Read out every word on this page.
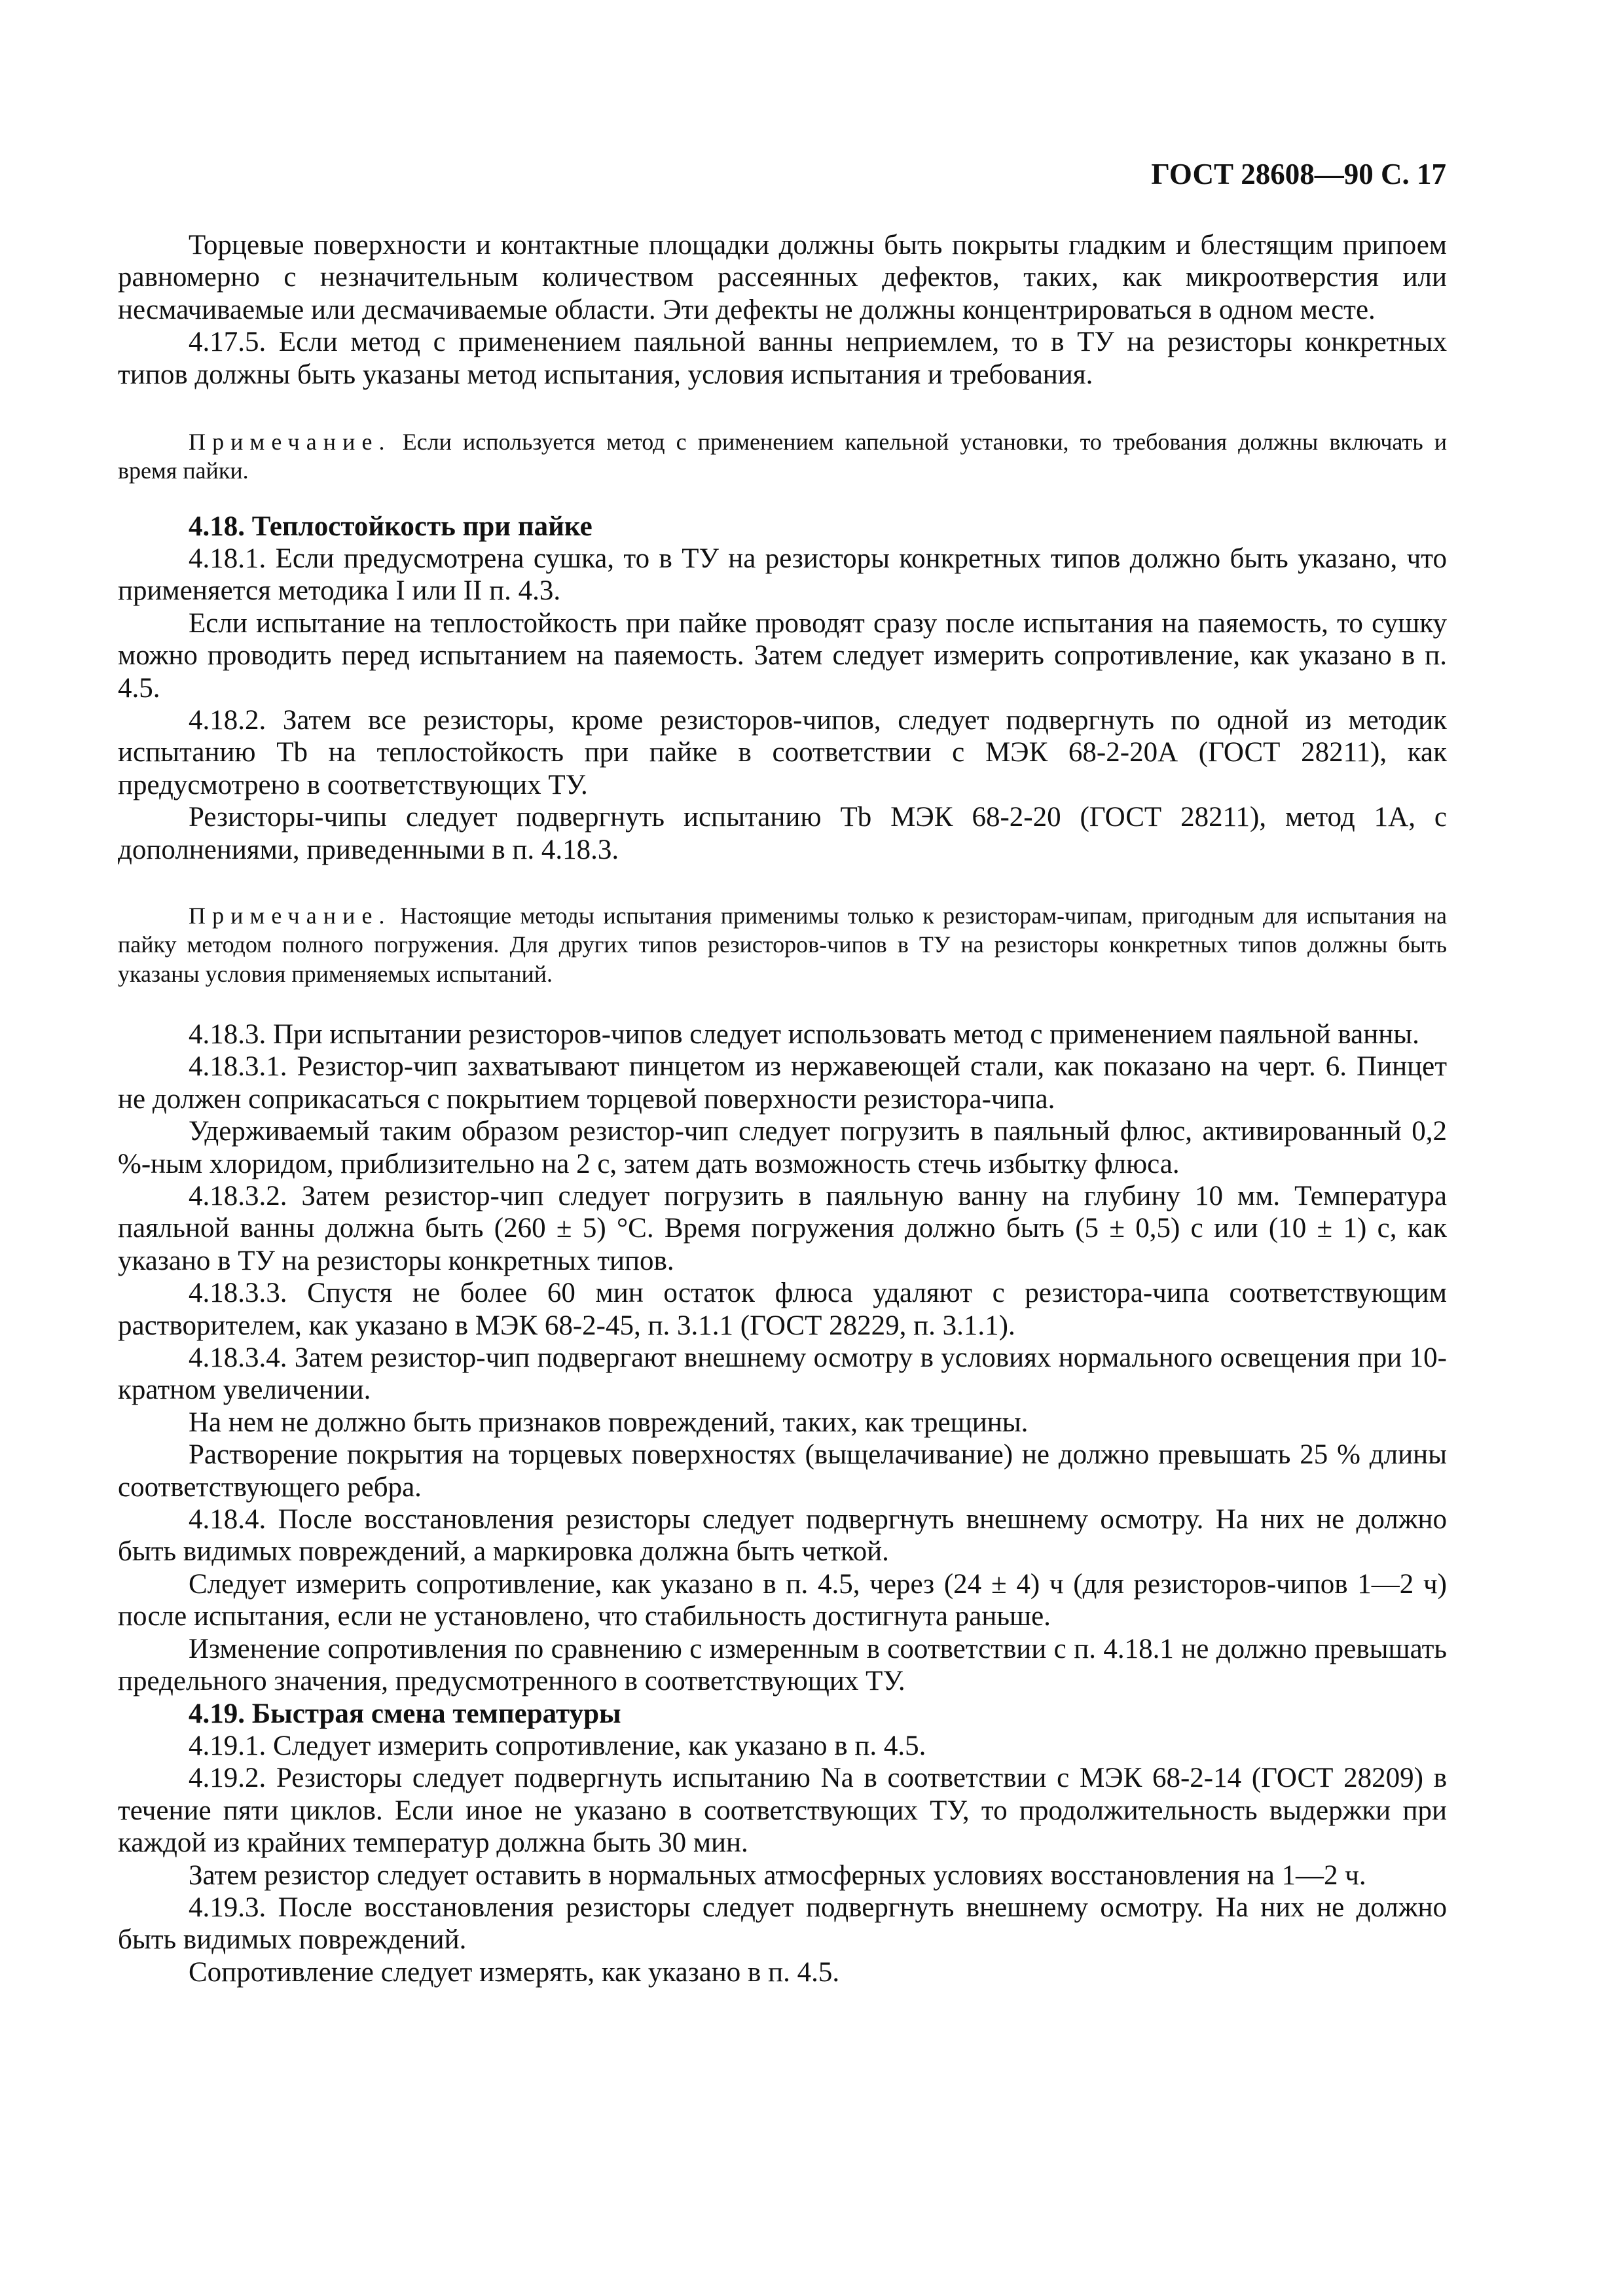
ГОСТ 28608—90 С. 17

Торцевые поверхности и контактные площадки должны быть покрыты гладким и блестящим припоем равномерно с незначительным количеством рассеянных дефектов, таких, как микроотверстия или несмачиваемые или десмачиваемые области. Эти дефекты не должны концентрироваться в одном месте.

4.17.5. Если метод с применением паяльной ванны неприемлем, то в ТУ на резисторы конкретных типов должны быть указаны метод испытания, условия испытания и требования.

Примечание. Если используется метод с применением капельной установки, то требования должны включать и время пайки.

4.18. Теплостойкость при пайке

4.18.1. Если предусмотрена сушка, то в ТУ на резисторы конкретных типов должно быть указано, что применяется методика I или II п. 4.3.

Если испытание на теплостойкость при пайке проводят сразу после испытания на паяемость, то сушку можно проводить перед испытанием на паяемость. Затем следует измерить сопротивление, как указано в п. 4.5.

4.18.2. Затем все резисторы, кроме резисторов-чипов, следует подвергнуть по одной из методик испытанию Tb на теплостойкость при пайке в соответствии с МЭК 68-2-20А (ГОСТ 28211), как предусмотрено в соответствующих ТУ.

Резисторы-чипы следует подвергнуть испытанию Tb МЭК 68-2-20 (ГОСТ 28211), метод 1А, с дополнениями, приведенными в п. 4.18.3.

Примечание. Настоящие методы испытания применимы только к резисторам-чипам, пригодным для испытания на пайку методом полного погружения. Для других типов резисторов-чипов в ТУ на резисторы конкретных типов должны быть указаны условия применяемых испытаний.

4.18.3. При испытании резисторов-чипов следует использовать метод с применением паяльной ванны.

4.18.3.1. Резистор-чип захватывают пинцетом из нержавеющей стали, как показано на черт. 6. Пинцет не должен соприкасаться с покрытием торцевой поверхности резистора-чипа.

Удерживаемый таким образом резистор-чип следует погрузить в паяльный флюс, активированный 0,2 %-ным хлоридом, приблизительно на 2 с, затем дать возможность стечь избытку флюса.

4.18.3.2. Затем резистор-чип следует погрузить в паяльную ванну на глубину 10 мм. Температура паяльной ванны должна быть (260 ± 5) °С. Время погружения должно быть (5 ± 0,5) с или (10 ± 1) с, как указано в ТУ на резисторы конкретных типов.

4.18.3.3. Спустя не более 60 мин остаток флюса удаляют с резистора-чипа соответствующим растворителем, как указано в МЭК 68-2-45, п. 3.1.1 (ГОСТ 28229, п. 3.1.1).

4.18.3.4. Затем резистор-чип подвергают внешнему осмотру в условиях нормального освещения при 10-кратном увеличении.

На нем не должно быть признаков повреждений, таких, как трещины.

Растворение покрытия на торцевых поверхностях (выщелачивание) не должно превышать 25 % длины соответствующего ребра.

4.18.4. После восстановления резисторы следует подвергнуть внешнему осмотру. На них не должно быть видимых повреждений, а маркировка должна быть четкой.

Следует измерить сопротивление, как указано в п. 4.5, через (24 ± 4) ч (для резисторов-чипов 1—2 ч) после испытания, если не установлено, что стабильность достигнута раньше.

Изменение сопротивления по сравнению с измеренным в соответствии с п. 4.18.1 не должно превышать предельного значения, предусмотренного в соответствующих ТУ.

4.19. Быстрая смена температуры

4.19.1. Следует измерить сопротивление, как указано в п. 4.5.

4.19.2. Резисторы следует подвергнуть испытанию Na в соответствии с МЭК 68-2-14 (ГОСТ 28209) в течение пяти циклов. Если иное не указано в соответствующих ТУ, то продолжительность выдержки при каждой из крайних температур должна быть 30 мин.

Затем резистор следует оставить в нормальных атмосферных условиях восстановления на 1—2 ч.

4.19.3. После восстановления резисторы следует подвергнуть внешнему осмотру. На них не должно быть видимых повреждений.

Сопротивление следует измерять, как указано в п. 4.5.
